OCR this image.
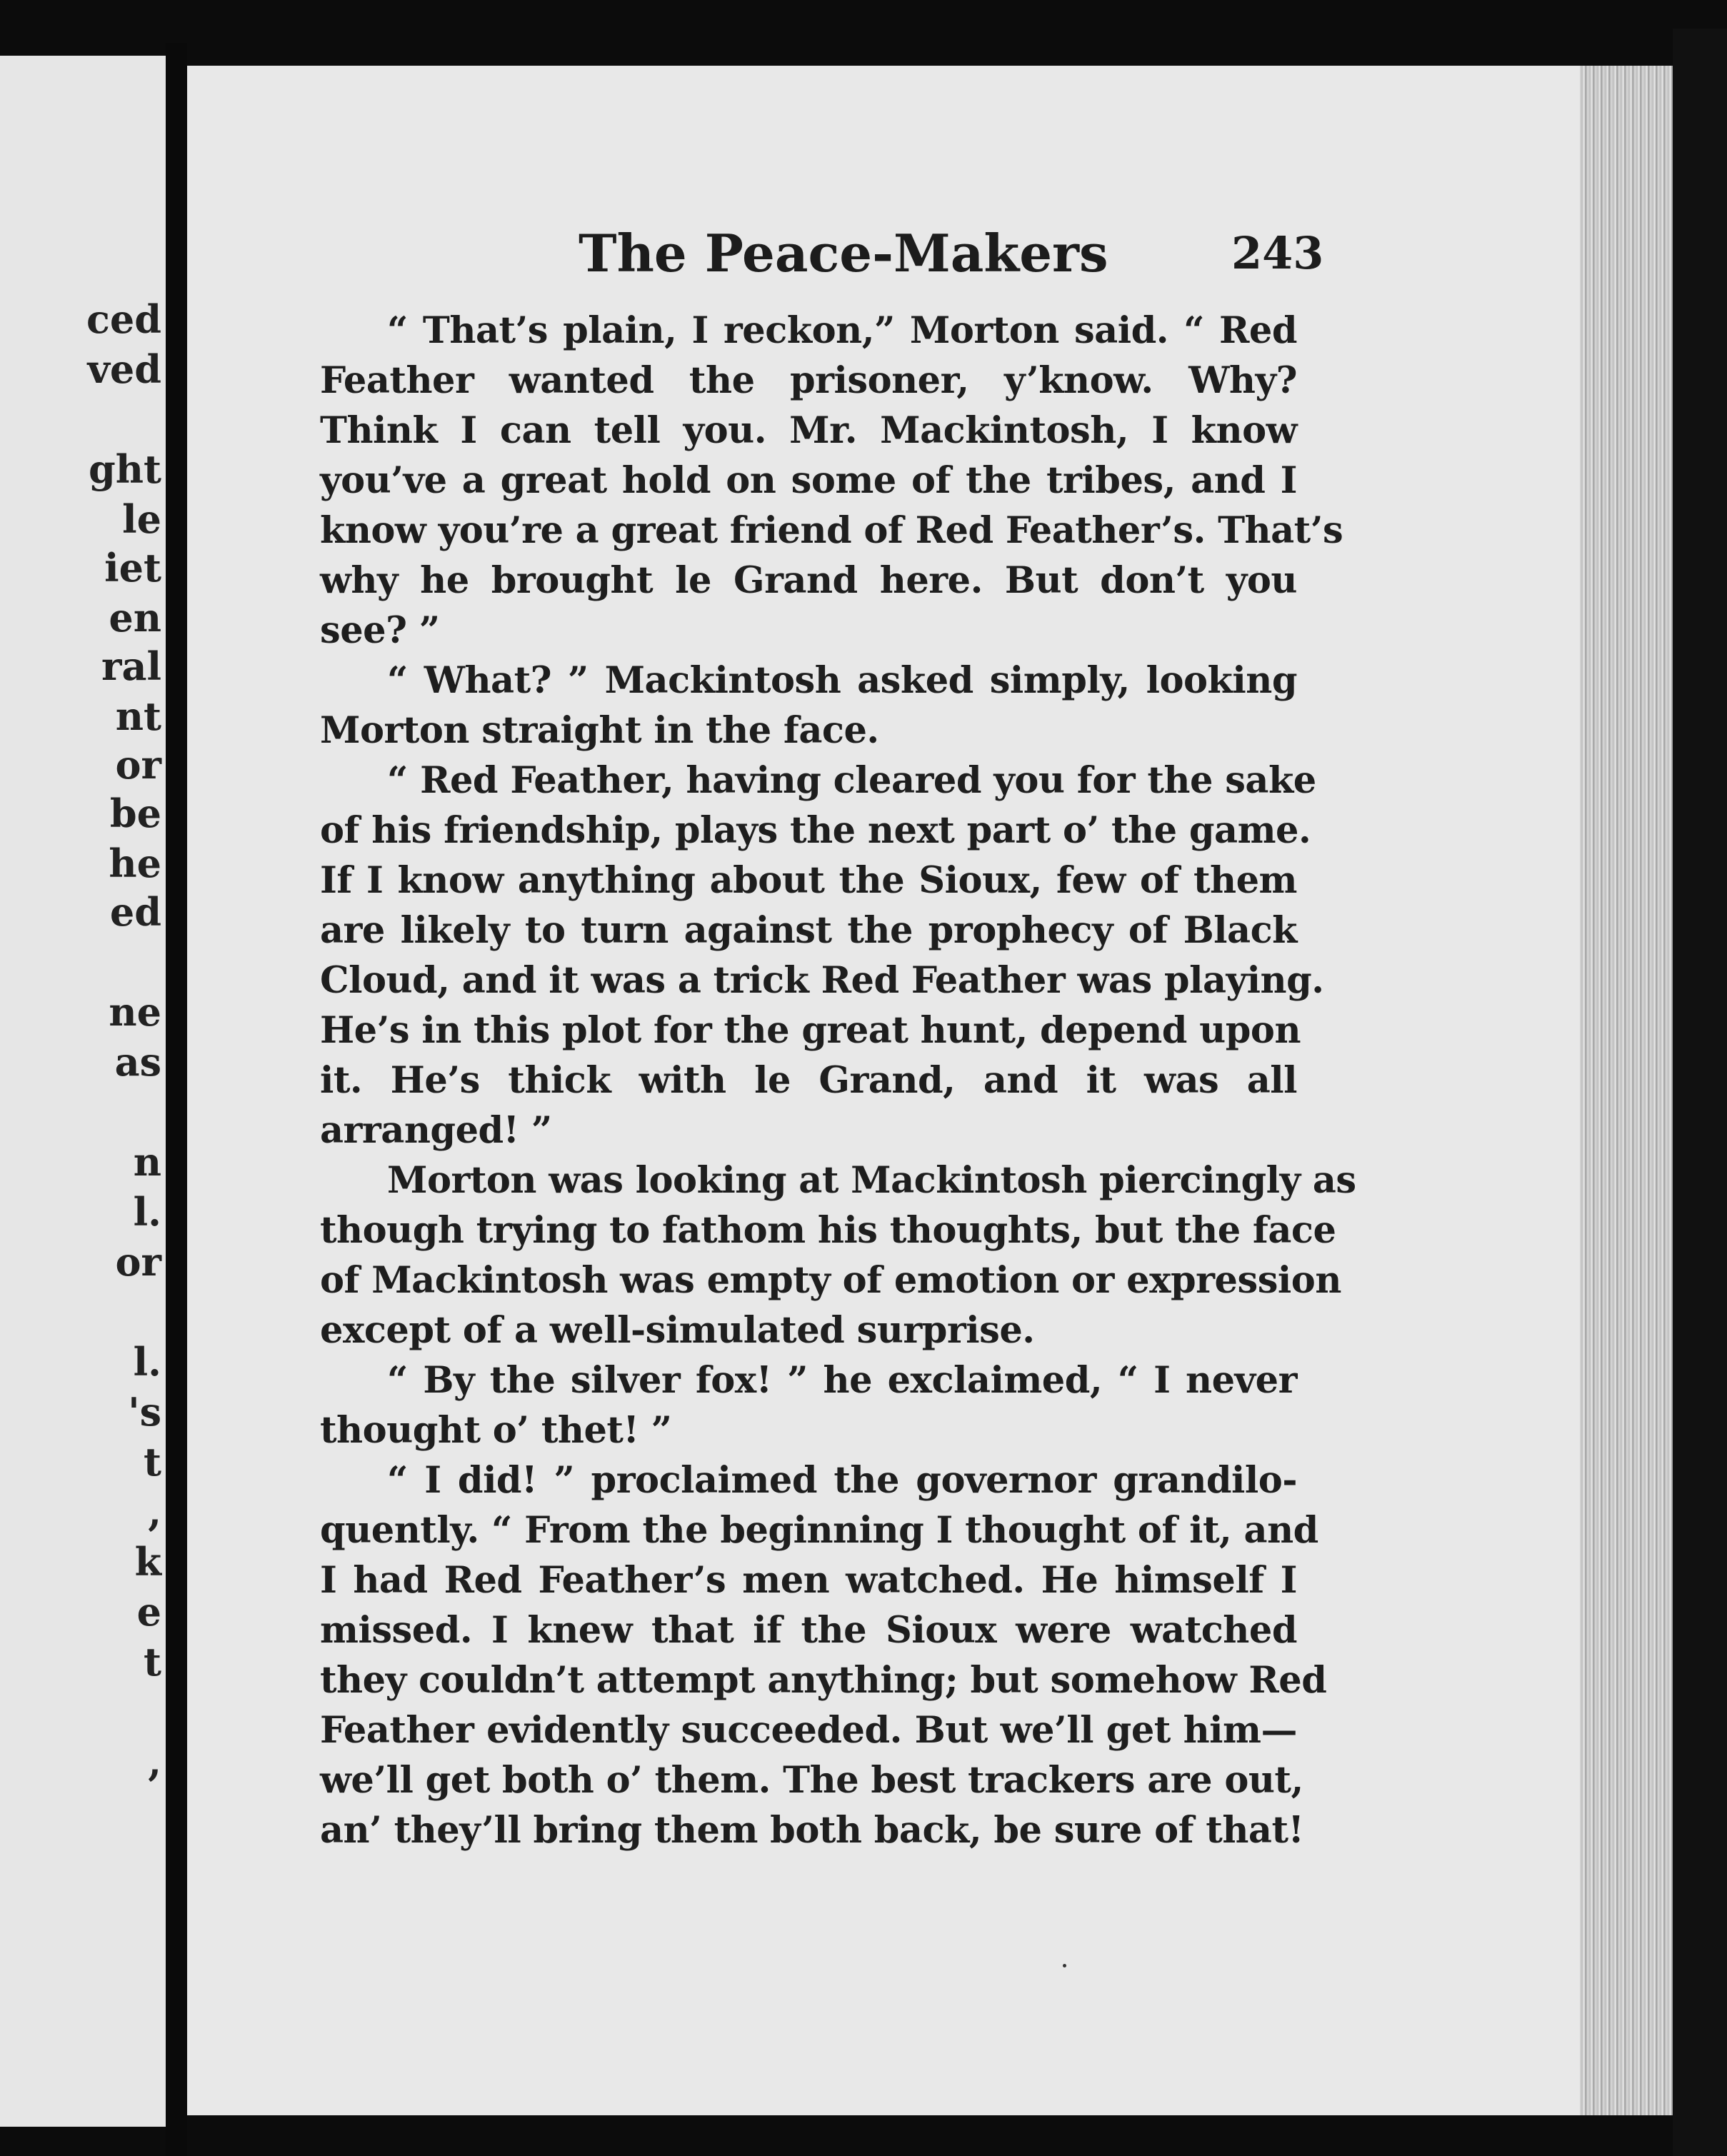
ced
ved
ght
le
iet
en
ral
nt
or
be
he
ed
ne
as
n
l.
or
l.
's
t
,
k
e
t
,
The Peace-Makers	243
“ That’s plain, I reckon,” Morton said. “ Red
Feather wanted the prisoner, y’know. Why?
Think I can tell you. Mr. Mackintosh, I know
you’ve a great hold on some of the tribes, and I
know you’re a great friend of Red Feather’s. That’s
why he brought le Grand here. But don’t you
see? ”
“ What? ” Mackintosh asked simply, looking
Morton straight in the face.
“ Red Feather, having cleared you for the sake
of his friendship, plays the next part o’ the game.
If I know anything about the Sioux, few of them
are likely to turn against the prophecy of Black
Cloud, and it was a trick Red Feather was playing.
He’s in this plot for the great hunt, depend upon
it. He’s thick with le Grand, and it was all
arranged! ”
Morton was looking at Mackintosh piercingly as
though trying to fathom his thoughts, but the face
of Mackintosh was empty of emotion or expression
except of a well-simulated surprise.
“ By the silver fox! ” he exclaimed, “ I never
thought o’ thet! ”
“ I did! ” proclaimed the governor grandilo-
quently. “ From the beginning I thought of it, and
I had Red Feather’s men watched. He himself I
missed. I knew that if the Sioux were watched
they couldn’t attempt anything; but somehow Red
Feather evidently succeeded. But we’ll get him—
we’ll get both o’ them. The best trackers are out,
an’ they’ll bring them both back, be sure of that!
